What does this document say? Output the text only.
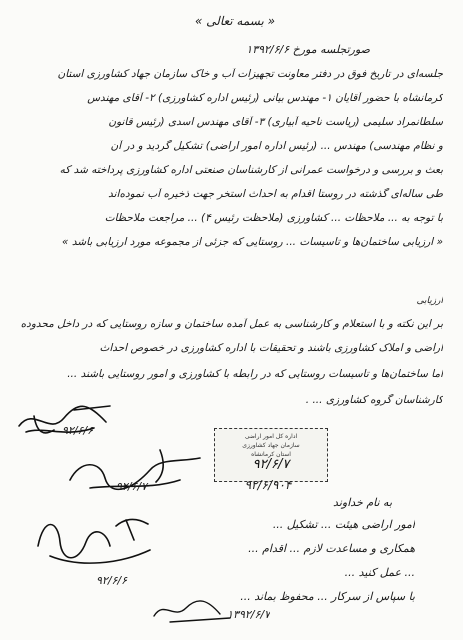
« بسمه تعالی »
صورتجلسه مورخ ۱۳۹۲/۶/۶
جلسه‌ای در تاریخ فوق در دفتر معاونت تجهیزات آب و خاک سازمان جهاد کشاورزی استان
کرمانشاه با حضور آقایان ۱- مهندس بیانی (رئیس اداره کشاورزی) ۲- آقای مهندس
سلطانمراد سلیمی (ریاست ناحیه آبیاری) ۳- آقای مهندس اسدی (رئیس قانون
و نظام مهندسی) مهندس ... (رئیس اداره امور اراضی) تشکیل گردید و در آن
بعث و بررسی و درخواست عمرانی از کارشناسان صنعتی اداره کشاورزی پرداخته شد که
طی ساله‌ای گذشته در روستا اقدام به احداث استخر جهت ذخیره آب نموده‌اند
با توجه به ... ملاحظات ... کشاورزی (ملاحظت رئیس ۴) ... مراجعت ملاحظات
« ارزیابی ساختمان‌ها و تاسیسات ... روستایی که جزئی از مجموعه مورد ارزیابی باشد »
ارزیابی
بر این نکته و با استعلام و کارشناسی به عمل آمده ساختمان و سازه روستایی که در داخل محدوده
اراضی و املاک کشاورزی باشند و تحقیقات با اداره کشاورزی در خصوص احداث
اما ساختمان‌ها و تاسیسات روستایی که در رابطه با کشاورزی و امور روستایی باشند ...
کارشناسان گروه کشاورزی ... .
۹۲/۶/۶
۹۲/۶/۷
۹۲/۶/۶
اداره کل امور اراضی
سازمان جهاد کشاورزی
استان کرمانشاه
۹۲/۶/۷
۹۲/۶/۹۰۴
به نام خداوند
امور اراضی هیئت ... تشکیل ...
همکاری و مساعدت لازم ... اقدام ...
... عمل کنید ...
با سپاس از سرکار ... محفوظ بماند ...
۱۳۹۲/۶/۷
